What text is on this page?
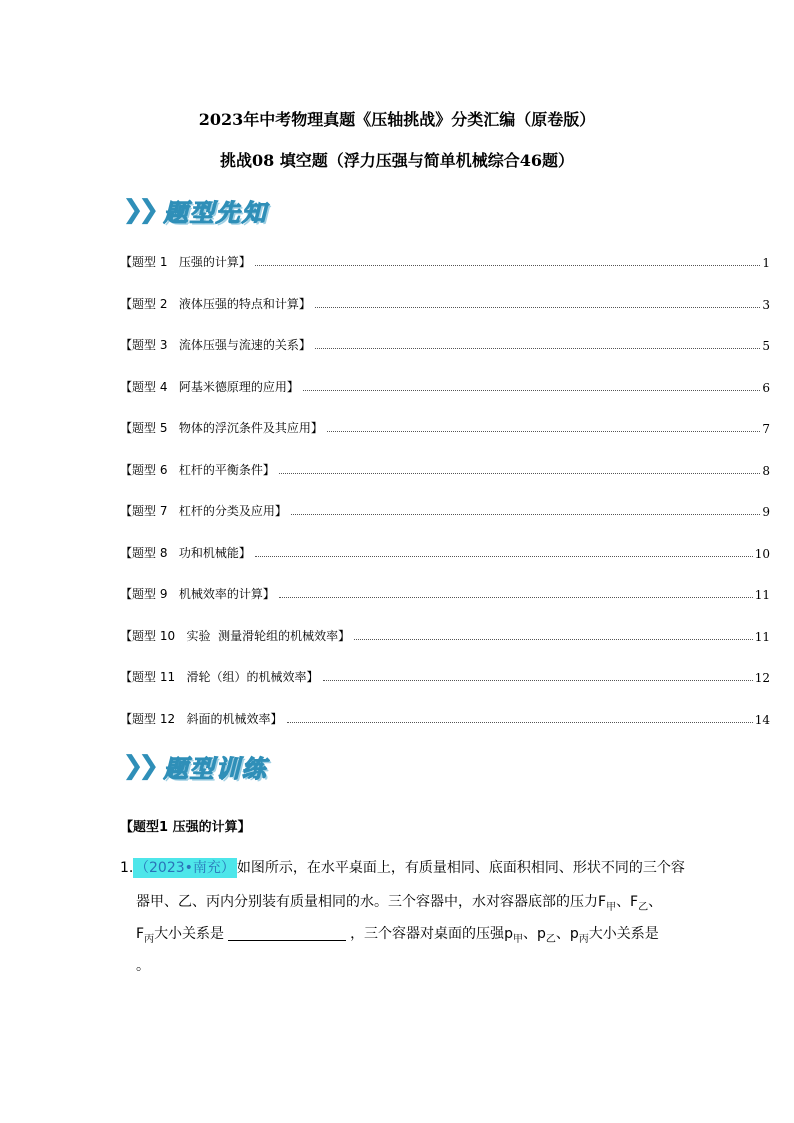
2023年中考物理真题《压轴挑战》分类汇编（原卷版）
挑战08 填空题（浮力压强与简单机械综合46题）
❯❯ 题型先知
【题型 1 压强的计算】	1
【题型 2 液体压强的特点和计算】	3
【题型 3 流体压强与流速的关系】	5
【题型 4 阿基米德原理的应用】	6
【题型 5 物体的浮沉条件及其应用】	7
【题型 6 杠杆的平衡条件】	8
【题型 7 杠杆的分类及应用】	9
【题型 8 功和机械能】	10
【题型 9 机械效率的计算】	11
【题型 10 实验  测量滑轮组的机械效率】	11
【题型 11 滑轮（组）的机械效率】	12
【题型 12 斜面的机械效率】	14
❯❯ 题型训练
【题型1 压强的计算】
1. （2023•南充） 如图所示，在水平桌面上，有质量相同、底面积相同、形状不同的三个容
器甲、乙、丙内分别装有质量相同的水。三个容器中，水对容器底部的压力$F_甲$、$F_乙$、
$F_丙$大小关系是	，三个容器对桌面的压强$p_甲$、$p_乙$、$p_丙$大小关系是
。
